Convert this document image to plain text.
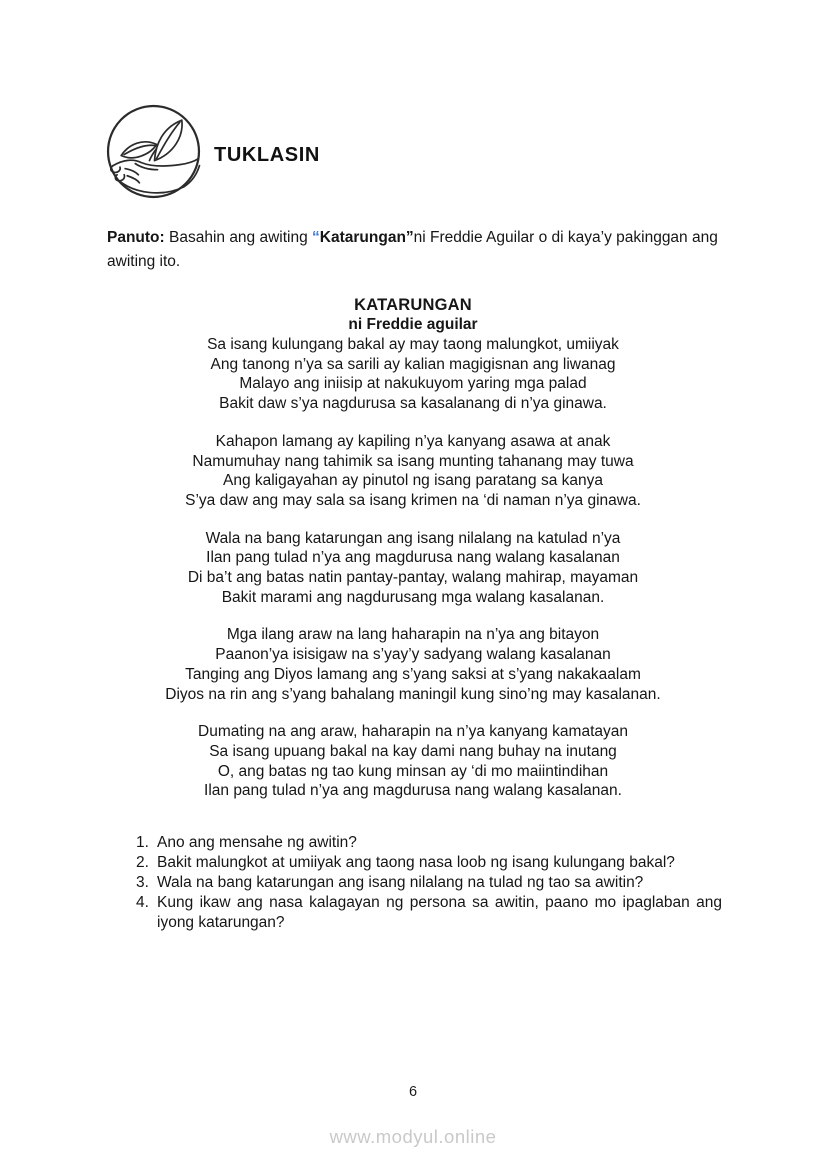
TUKLASIN

Panuto: Basahin ang awiting “Katarungan”ni Freddie Aguilar o di kaya’y pakinggan ang awiting ito.

KATARUNGAN
ni Freddie aguilar
Sa isang kulungang bakal ay may taong malungkot, umiiyak
Ang tanong n’ya sa sarili ay kalian magigisnan ang liwanag
Malayo ang iniisip at nakukuyom yaring mga palad
Bakit daw s’ya nagdurusa sa kasalanang di n’ya ginawa.
Kahapon lamang ay kapiling n’ya kanyang asawa at anak
Namumuhay nang tahimik sa isang munting tahanang may tuwa
Ang kaligayahan ay pinutol ng isang paratang sa kanya
S’ya daw ang may sala sa isang krimen na ‘di naman n’ya ginawa.
Wala na bang katarungan ang isang nilalang na katulad n’ya
Ilan pang tulad n’ya ang magdurusa nang walang kasalanan
Di ba’t ang batas natin pantay-pantay, walang mahirap, mayaman
Bakit marami ang nagdurusang mga walang kasalanan.
Mga ilang araw na lang haharapin na n’ya ang bitayon
Paanon’ya isisigaw na s’yay’y sadyang walang kasalanan
Tanging ang Diyos lamang ang s’yang saksi at s’yang nakakaalam
Diyos na rin ang s’yang bahalang maningil kung sino’ng may kasalanan.
Dumating na ang araw, haharapin na n’ya kanyang kamatayan
Sa isang upuang bakal na kay dami nang buhay na inutang
O, ang batas ng tao kung minsan ay ‘di mo maiintindihan
Ilan pang tulad n’ya ang magdurusa nang walang kasalanan.
1. Ano ang mensahe ng awitin?
2. Bakit malungkot at umiiyak ang taong nasa loob ng isang kulungang bakal?
3. Wala na bang katarungan ang isang nilalang na tulad ng tao sa awitin?
4. Kung ikaw ang nasa kalagayan ng persona sa awitin, paano mo ipaglaban ang iyong katarungan?
6
www.modyul.online
